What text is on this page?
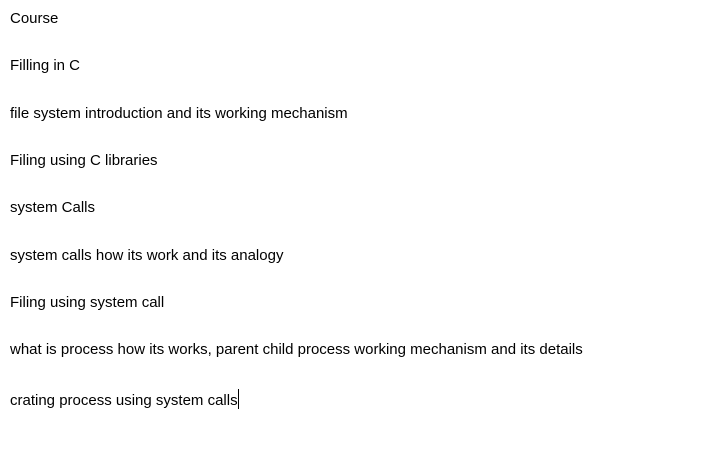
Course
Filling in C
file system introduction and its working mechanism
Filing using C libraries
system Calls
system calls how its work and its analogy
Filing using system call
what is process how its works, parent child process working mechanism and its details
crating process using system calls
